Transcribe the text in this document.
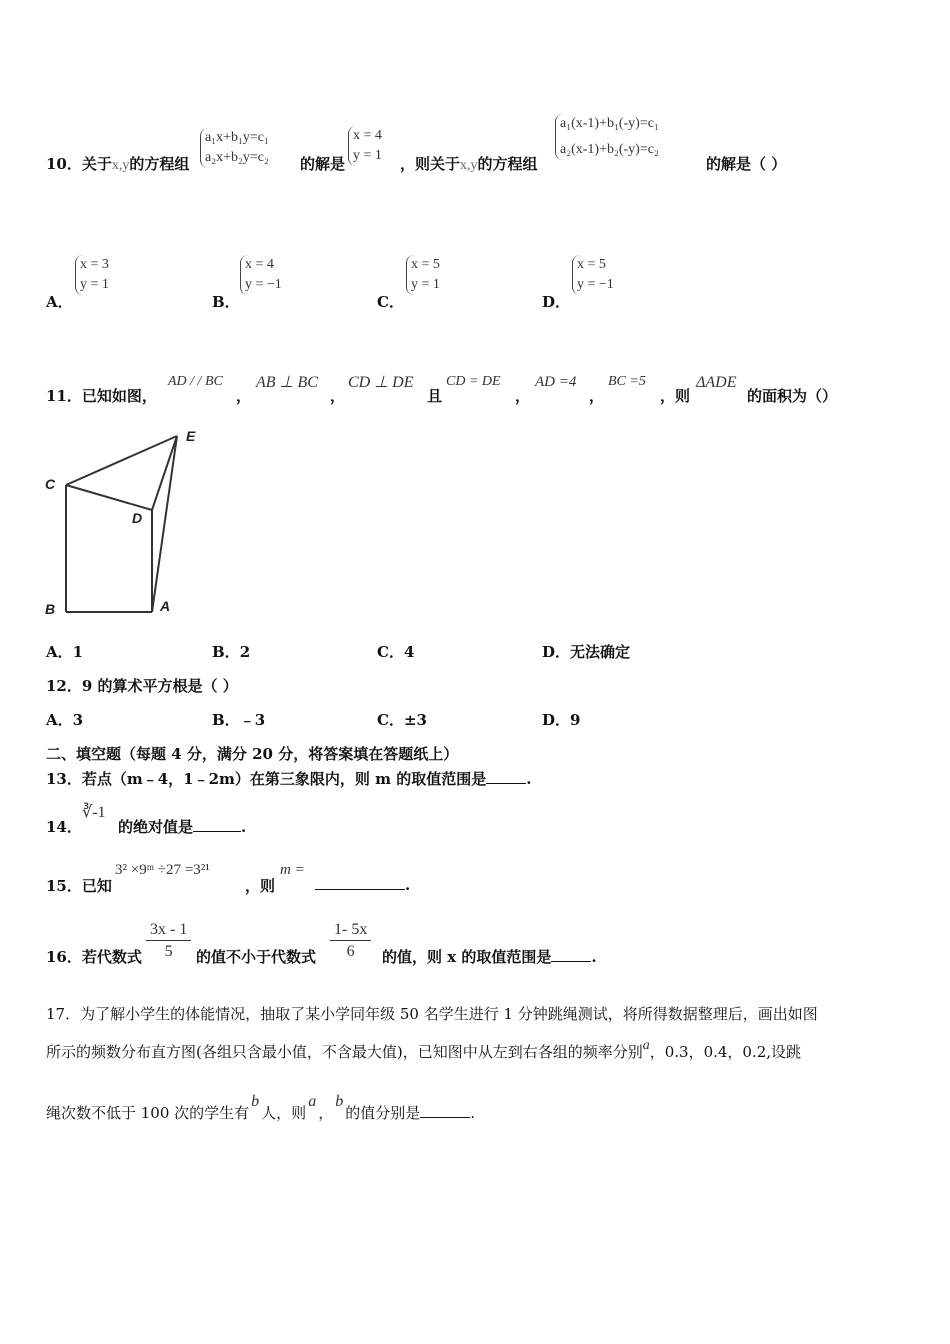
10．关于x,y的方程组
a₁x+b₁y=c₁
a₂x+b₂y=c₂ 的解是
x = 4
y = 1 ，则关于x,y的方程组
a₁(x-1)+b₁(-y)=c₁
a₂(x-1)+b₂(-y)=c₂
的解是（ ）
A．
x = 3
y = 1
B．
x = 4
y = −1
C．
x = 5
y = 1
D．
x = 5
y = −1
11．已知如图，
AD / / BC
，
AB ⊥ BC
，
CD ⊥ DE
且
CD = DE
，
AD =4
，
BC =5
，则
ΔADE
的面积为（）
E
C
D
B	A
A．1	B．2	C．4	D．无法确定
12．9 的算术平方根是（ ）
A．3	B．﹣3	C．±3	D．9
二、填空题（每题 4 分，满分 20 分，将答案填在答题纸上）
13．若点（m﹣4，1﹣2m）在第三象限内，则 m 的取值范围是	.
14．
∛-1
的绝对值是	.
15．已知
3² ×9ᵐ ÷27 =3²¹
，则
m =
.
16．若代数式 $\frac{3x - 1}{5}$ 的值不小于代数式 $\frac{1- 5x}{6}$ 的值，则 x 的取值范围是	.
17．为了解小学生的体能情况，抽取了某小学同年级 50 名学生进行 1 分钟跳绳测试，将所得数据整理后，画出如图
所示的频数分布直方图(各组只含最小值，不含最大值)，已知图中从左到右各组的频率分别a，0.3，0.4，0.2,设跳
绳次数不低于 100 次的学生有b人，则a，b的值分别是	.
